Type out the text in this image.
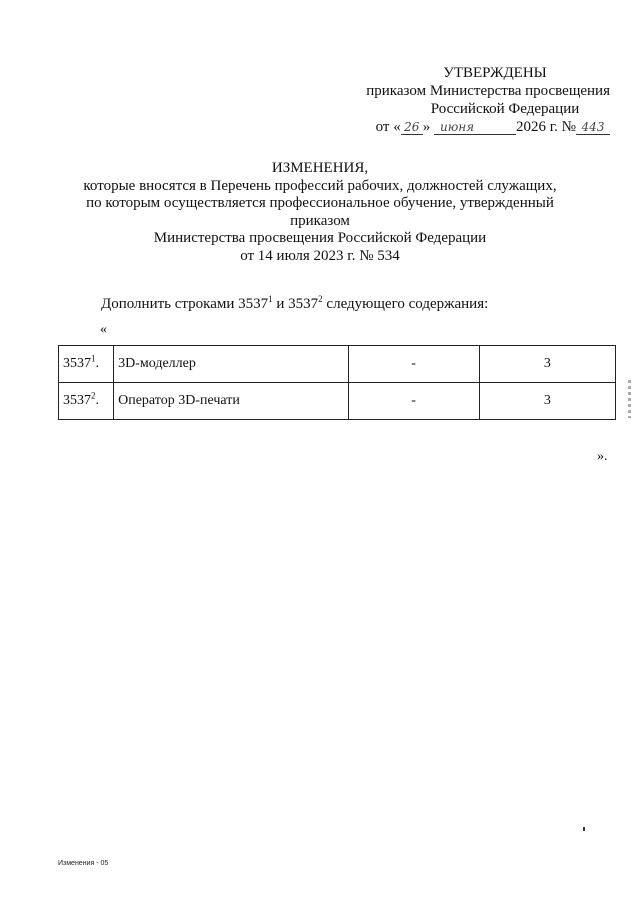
УТВЕРЖДЕНЫ
приказом Министерства просвещения
Российской Федерации
от « 26 » июня	2026 г. № 443
ИЗМЕНЕНИЯ,
которые вносятся в Перечень профессий рабочих, должностей служащих,
по которым осуществляется профессиональное обучение, утвержденный приказом
Министерства просвещения Российской Федерации
от 14 июля 2023 г. № 534
Дополнить строками 3537$^1$ и 3537$^2$ следующего содержания:
«
3537$^1$.	3D-моделлер	-	3
3537$^2$.	Оператор 3D-печати	-	3
».
Изменения - 05
